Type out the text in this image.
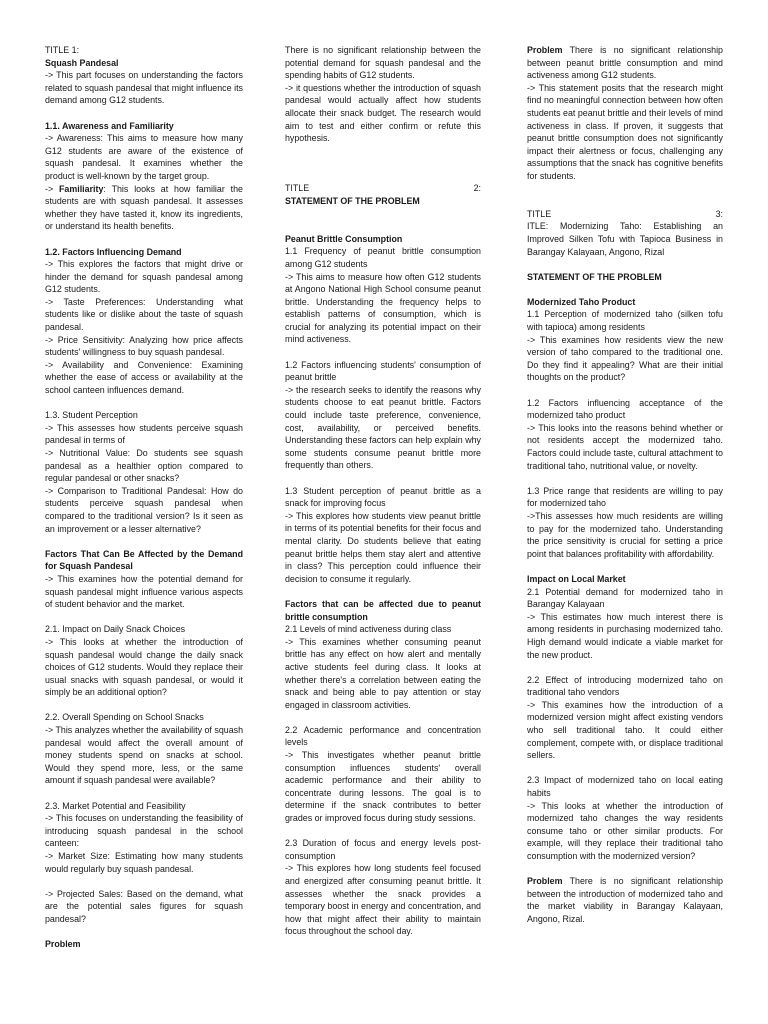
TITLE 1:
Squash Pandesal
-> This part focuses on understanding the factors related to squash pandesal that might influence its demand among G12 students.
1.1. Awareness and Familiarity
-> Awareness: This aims to measure how many G12 students are aware of the existence of squash pandesal. It examines whether the product is well-known by the target group.
-> Familiarity: This looks at how familiar the students are with squash pandesal. It assesses whether they have tasted it, know its ingredients, or understand its health benefits.
1.2. Factors Influencing Demand
-> This explores the factors that might drive or hinder the demand for squash pandesal among G12 students.
-> Taste Preferences: Understanding what students like or dislike about the taste of squash pandesal.
-> Price Sensitivity: Analyzing how price affects students' willingness to buy squash pandesal.
-> Availability and Convenience: Examining whether the ease of access or availability at the school canteen influences demand.
1.3. Student Perception
-> This assesses how students perceive squash pandesal in terms of
-> Nutritional Value: Do students see squash pandesal as a healthier option compared to regular pandesal or other snacks?
-> Comparison to Traditional Pandesal: How do students perceive squash pandesal when compared to the traditional version? Is it seen as an improvement or a lesser alternative?
Factors That Can Be Affected by the Demand for Squash Pandesal
-> This examines how the potential demand for squash pandesal might influence various aspects of student behavior and the market.
2.1. Impact on Daily Snack Choices
-> This looks at whether the introduction of squash pandesal would change the daily snack choices of G12 students. Would they replace their usual snacks with squash pandesal, or would it simply be an additional option?
2.2. Overall Spending on School Snacks
-> This analyzes whether the availability of squash pandesal would affect the overall amount of money students spend on snacks at school. Would they spend more, less, or the same amount if squash pandesal were available?
2.3. Market Potential and Feasibility
-> This focuses on understanding the feasibility of introducing squash pandesal in the school canteen:
-> Market Size: Estimating how many students would regularly buy squash pandesal.
-> Projected Sales: Based on the demand, what are the potential sales figures for squash pandesal?
Problem
There is no significant relationship between the potential demand for squash pandesal and the spending habits of G12 students.
-> it questions whether the introduction of squash pandesal would actually affect how students allocate their snack budget. The research would aim to test and either confirm or refute this hypothesis.
TITLE	2:
STATEMENT OF THE PROBLEM
Peanut Brittle Consumption
1.1 Frequency of peanut brittle consumption among G12 students
-> This aims to measure how often G12 students at Angono National High School consume peanut brittle. Understanding the frequency helps to establish patterns of consumption, which is crucial for analyzing its potential impact on their mind activeness.
1.2 Factors influencing students' consumption of peanut brittle
-> the research seeks to identify the reasons why students choose to eat peanut brittle. Factors could include taste preference, convenience, cost, availability, or perceived benefits. Understanding these factors can help explain why some students consume peanut brittle more frequently than others.
1.3 Student perception of peanut brittle as a snack for improving focus
-> This explores how students view peanut brittle in terms of its potential benefits for their focus and mental clarity. Do students believe that eating peanut brittle helps them stay alert and attentive in class? This perception could influence their decision to consume it regularly.
Factors that can be affected due to peanut brittle consumption
2.1 Levels of mind activeness during class
-> This examines whether consuming peanut brittle has any effect on how alert and mentally active students feel during class. It looks at whether there's a correlation between eating the snack and being able to pay attention or stay engaged in classroom activities.
2.2 Academic performance and concentration levels
-> This investigates whether peanut brittle consumption influences students' overall academic performance and their ability to concentrate during lessons. The goal is to determine if the snack contributes to better grades or improved focus during study sessions.
2.3 Duration of focus and energy levels post-consumption
-> This explores how long students feel focused and energized after consuming peanut brittle. It assesses whether the snack provides a temporary boost in energy and concentration, and how that might affect their ability to maintain focus throughout the school day.
Problem There is no significant relationship between peanut brittle consumption and mind activeness among G12 students.
-> This statement posits that the research might find no meaningful connection between how often students eat peanut brittle and their levels of mind activeness in class. If proven, it suggests that peanut brittle consumption does not significantly impact their alertness or focus, challenging any assumptions that the snack has cognitive benefits for students.
TITLE	3:
ITLE: Modernizing Taho: Establishing an Improved Silken Tofu with Tapioca Business in Barangay Kalayaan, Angono, Rizal
STATEMENT OF THE PROBLEM
Modernized Taho Product
1.1 Perception of modernized taho (silken tofu with tapioca) among residents
-> This examines how residents view the new version of taho compared to the traditional one. Do they find it appealing? What are their initial thoughts on the product?
1.2 Factors influencing acceptance of the modernized taho product
-> This looks into the reasons behind whether or not residents accept the modernized taho. Factors could include taste, cultural attachment to traditional taho, nutritional value, or novelty.
1.3 Price range that residents are willing to pay for modernized taho
->This assesses how much residents are willing to pay for the modernized taho. Understanding the price sensitivity is crucial for setting a price point that balances profitability with affordability.
Impact on Local Market
2.1 Potential demand for modernized taho in Barangay Kalayaan
-> This estimates how much interest there is among residents in purchasing modernized taho. High demand would indicate a viable market for the new product.
2.2 Effect of introducing modernized taho on traditional taho vendors
-> This examines how the introduction of a modernized version might affect existing vendors who sell traditional taho. It could either complement, compete with, or displace traditional sellers.
2.3 Impact of modernized taho on local eating habits
-> This looks at whether the introduction of modernized taho changes the way residents consume taho or other similar products. For example, will they replace their traditional taho consumption with the modernized version?
Problem There is no significant relationship between the introduction of modernized taho and the market viability in Barangay Kalayaan, Angono, Rizal.
